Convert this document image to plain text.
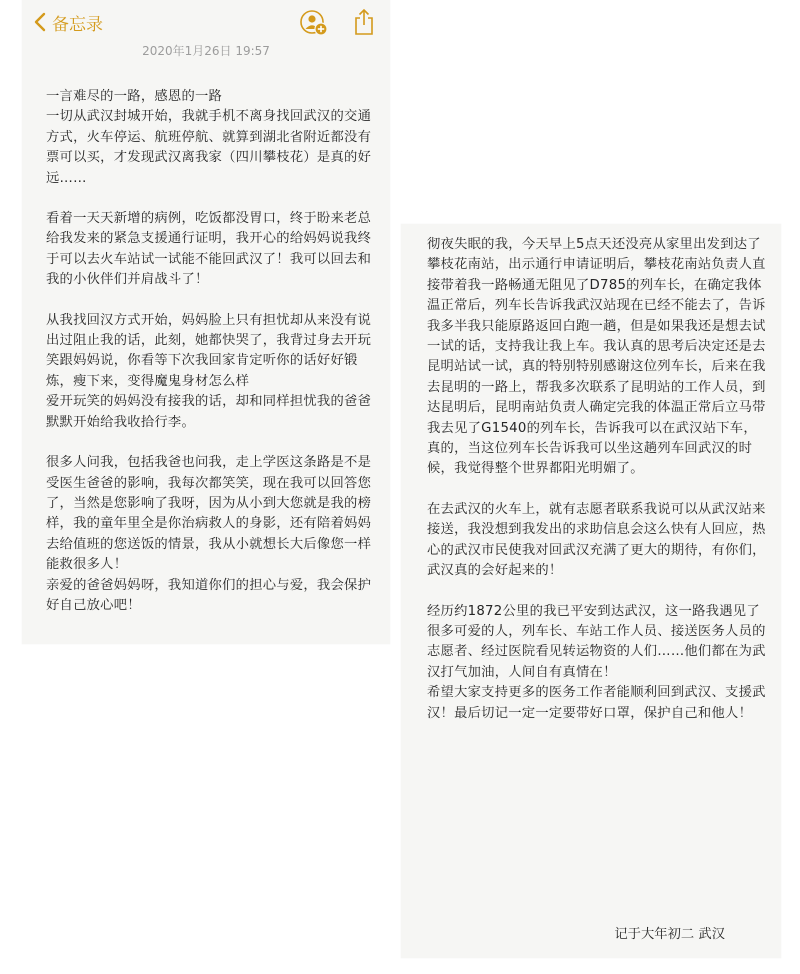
备忘录
2020年1月26日 19:57

一言难尽的一路，感恩的一路

一切从武汉封城开始，我就手机不离身找回武汉的交通方式，火车停运、航班停航、就算到湖北省附近都没有票可以买，才发现武汉离我家（四川攀枝花）是真的好远……

看着一天天新增的病例，吃饭都没胃口，终于盼来老总给我发来的紧急支援通行证明，我开心的给妈妈说我终于可以去火车站试一试能不能回武汉了！我可以回去和我的小伙伴们并肩战斗了！

从我找回汉方式开始，妈妈脸上只有担忧却从来没有说出过阻止我的话，此刻，她都快哭了，我背过身去开玩笑跟妈妈说，你看等下次我回家肯定听你的话好好锻炼，瘦下来，变得魔鬼身材怎么样

爱开玩笑的妈妈没有接我的话，却和同样担忧我的爸爸默默开始给我收拾行李。

很多人问我，包括我爸也问我，走上学医这条路是不是受医生爸爸的影响，我每次都笑笑，现在我可以回答您了，当然是您影响了我呀，因为从小到大您就是我的榜样，我的童年里全是你治病救人的身影，还有陪着妈妈去给值班的您送饭的情景，我从小就想长大后像您一样能救很多人！

亲爱的爸爸妈妈呀，我知道你们的担心与爱，我会保护好自己放心吧！

彻夜失眠的我，今天早上5点天还没亮从家里出发到达了攀枝花南站，出示通行申请证明后，攀枝花南站负责人直接带着我一路畅通无阻见了D785的列车长，在确定我体温正常后，列车长告诉我武汉站现在已经不能去了，告诉我多半我只能原路返回白跑一趟，但是如果我还是想去试一试的话，支持我让我上车。我认真的思考后决定还是去昆明站试一试，真的特别特别感谢这位列车长，后来在我去昆明的一路上，帮我多次联系了昆明站的工作人员，到达昆明后，昆明南站负责人确定完我的体温正常后立马带我去见了G1540的列车长，告诉我可以在武汉站下车，真的，当这位列车长告诉我可以坐这趟列车回武汉的时候，我觉得整个世界都阳光明媚了。

在去武汉的火车上，就有志愿者联系我说可以从武汉站来接送，我没想到我发出的求助信息会这么快有人回应，热心的武汉市民使我对回武汉充满了更大的期待，有你们，武汉真的会好起来的！

经历约1872公里的我已平安到达武汉，这一路我遇见了很多可爱的人，列车长、车站工作人员、接送医务人员的志愿者、经过医院看见转运物资的人们……他们都在为武汉打气加油，人间自有真情在！

希望大家支持更多的医务工作者能顺利回到武汉、支援武汉！最后切记一定一定要带好口罩，保护自己和他人！

记于大年初二 武汉
